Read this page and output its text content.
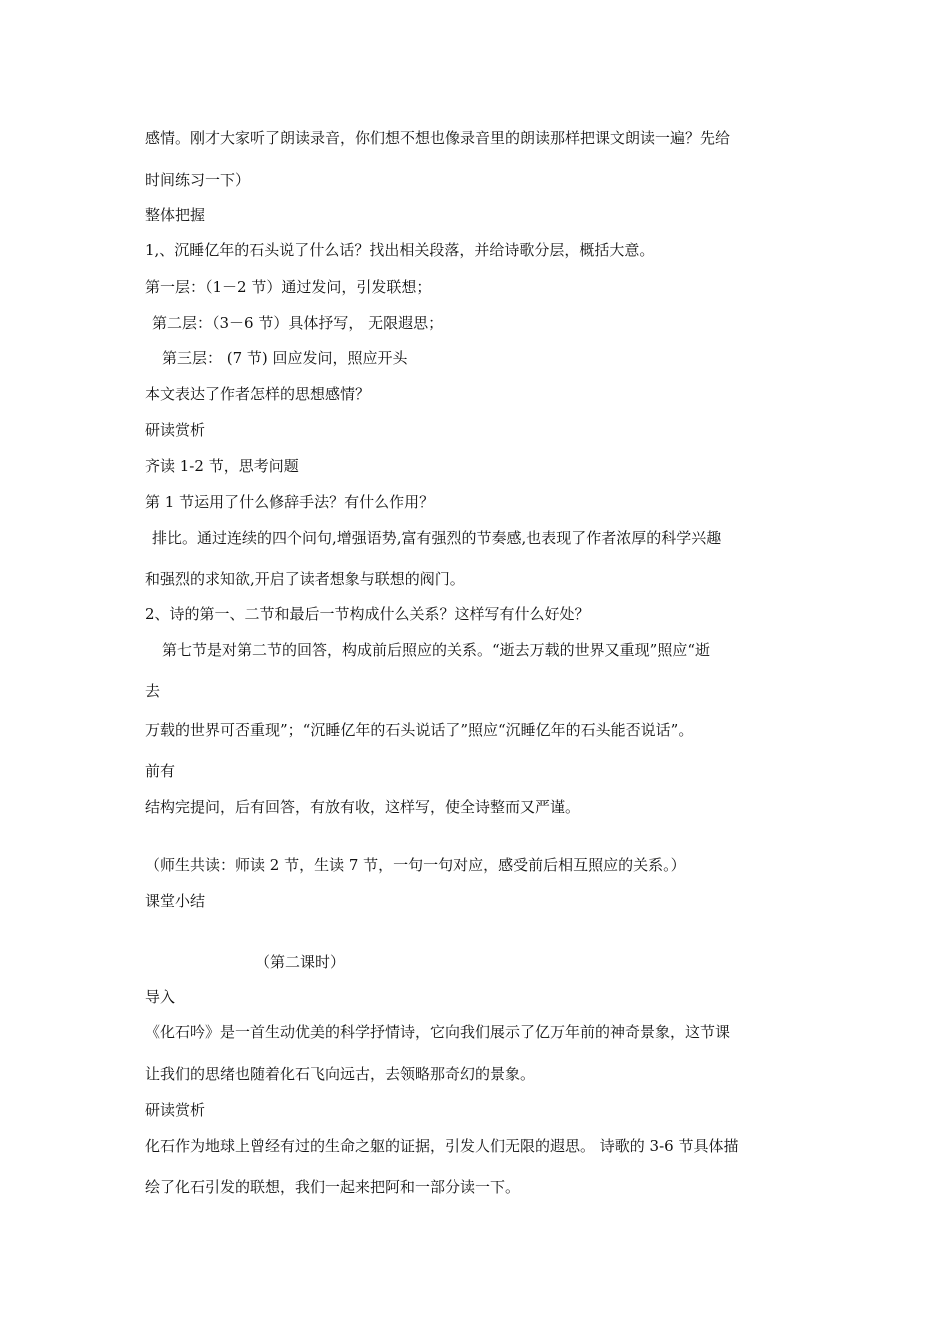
感情。刚才大家听了朗读录音，你们想不想也像录音里的朗读那样把课文朗读一遍？先给
时间练习一下）
整体把握
1,、沉睡亿年的石头说了什么话？找出相关段落，并给诗歌分层，概括大意。
第一层：（1－2 节）通过发问，引发联想；
第二层：（3－6 节）具体抒写， 无限遐思；
第三层： (7 节) 回应发问，照应开头
本文表达了作者怎样的思想感情？
研读赏析
齐读 1-2 节，思考问题
第 1 节运用了什么修辞手法？有什么作用？
排比。通过连续的四个问句,增强语势,富有强烈的节奏感,也表现了作者浓厚的科学兴趣
和强烈的求知欲,开启了读者想象与联想的阀门。
2、诗的第一、二节和最后一节构成什么关系？这样写有什么好处？
第七节是对第二节的回答，构成前后照应的关系。“逝去万载的世界又重现”照应“逝
去
万载的世界可否重现”；“沉睡亿年的石头说话了”照应“沉睡亿年的石头能否说话”。
前有
结构完提问，后有回答，有放有收，这样写，使全诗整而又严谨。
（师生共读：师读 2 节，生读 7 节，一句一句对应，感受前后相互照应的关系。）
课堂小结
（第二课时）
导入
《化石吟》是一首生动优美的科学抒情诗，它向我们展示了亿万年前的神奇景象，这节课
让我们的思绪也随着化石飞向远古，去领略那奇幻的景象。
研读赏析
化石作为地球上曾经有过的生命之躯的证据，引发人们无限的遐思。 诗歌的 3-6 节具体描
绘了化石引发的联想，我们一起来把阿和一部分读一下。
